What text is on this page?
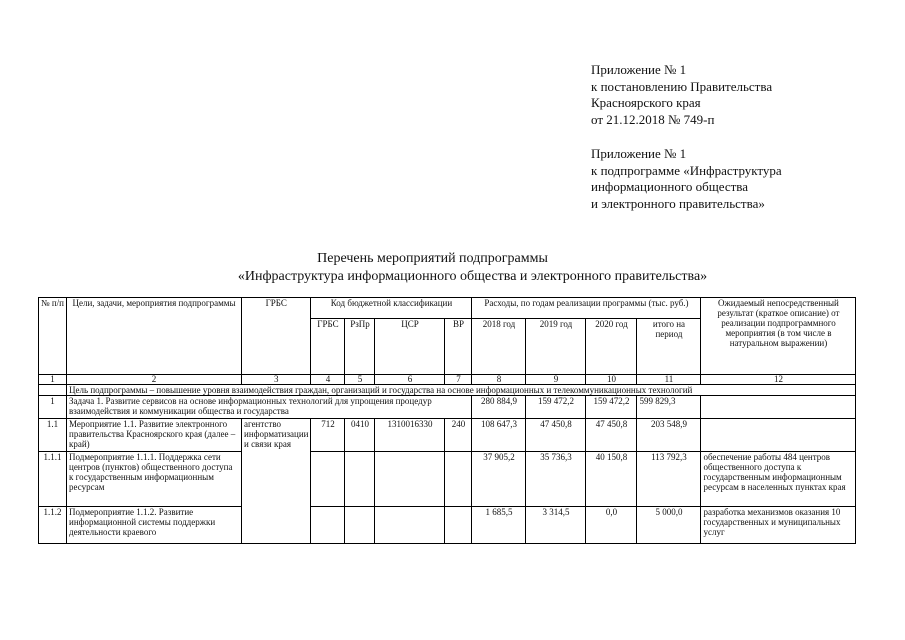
Приложение № 1
к постановлению Правительства
Красноярского края
от 21.12.2018 № 749-п
Приложение № 1
к подпрограмме «Инфраструктура
информационного общества
и электронного правительства»
Перечень мероприятий подпрограммы
«Инфраструктура информационного общества и электронного правительства»
№ п/п	Цели, задачи, мероприятия подпрограммы	ГРБС	Код бюджетной классификации				Расходы, по годам реализации программы (тыс. руб.)				Ожидаемый непосредственный результат (краткое описание) от реализации подпрограммного мероприятия (в том числе в натуральном выражении)
			ГРБС	РзПр	ЦСР	ВР	2018 год	2019 год	2020 год	итого на период	
1	2	3	4	5	6	7	8	9	10	11	12
	Цель подпрограммы – повышение уровня взаимодействия граждан, организаций и государства на основе информационных и телекоммуникационных технологий										
1	Задача 1. Развитие сервисов на основе информационных технологий для упрощения процедур взаимодействия и коммуникации общества и государства						280 884,9	159 472,2	159 472,2	599 829,3	
1.1	Мероприятие 1.1. Развитие электронного правительства Красноярского края (далее – край)	агентство информатизации и связи края	712	0410	1310016330	240	108 647,3	47 450,8	47 450,8	203 548,9	
1.1.1	Подмероприятие 1.1.1. Поддержка сети центров (пунктов) общественного доступа к государственным информационным ресурсам						37 905,2	35 736,3	40 150,8	113 792,3	обеспечение работы 484 центров общественного доступа к государственным информационным ресурсам в населенных пунктах края
1.1.2	Подмероприятие 1.1.2. Развитие информационной системы поддержки деятельности краевого						1 685,5	3 314,5	0,0	5 000,0	разработка механизмов оказания 10 государственных и муниципальных услуг
